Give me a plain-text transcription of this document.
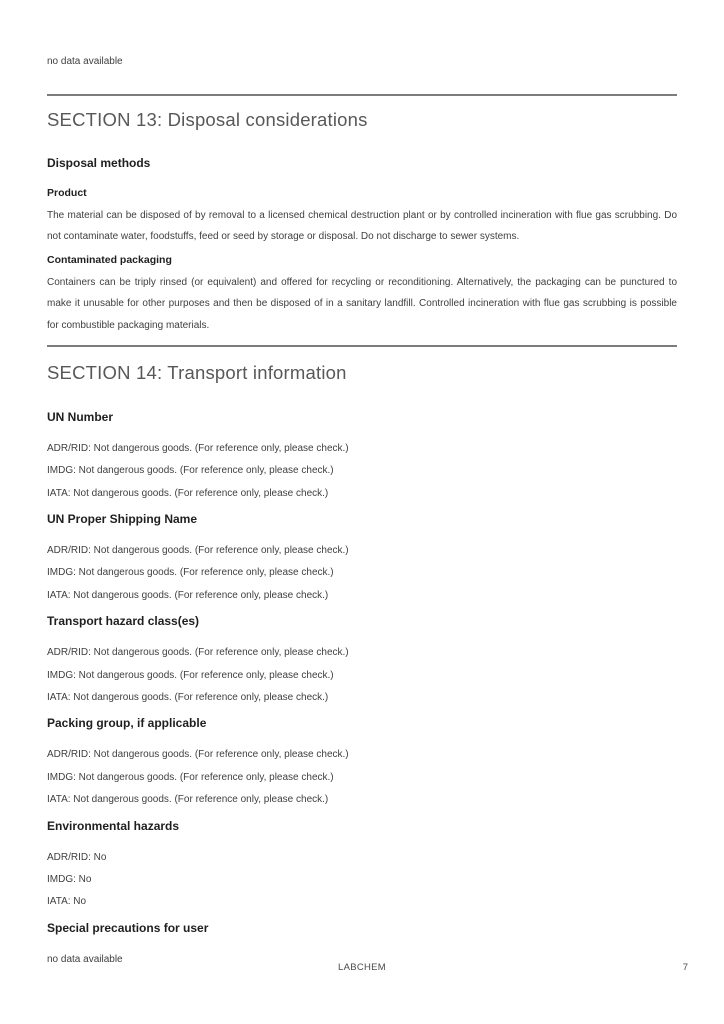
no data available

SECTION 13: Disposal considerations
Disposal methods
Product

The material can be disposed of by removal to a licensed chemical destruction plant or by controlled incineration with flue gas scrubbing. Do not contaminate water, foodstuffs, feed or seed by storage or disposal. Do not discharge to sewer systems.

Contaminated packaging

Containers can be triply rinsed (or equivalent) and offered for recycling or reconditioning. Alternatively, the packaging can be punctured to make it unusable for other purposes and then be disposed of in a sanitary landfill. Controlled incineration with flue gas scrubbing is possible for combustible packaging materials.

SECTION 14: Transport information
UN Number

ADR/RID: Not dangerous goods. (For reference only, please check.)

IMDG: Not dangerous goods. (For reference only, please check.)

IATA: Not dangerous goods. (For reference only, please check.)

UN Proper Shipping Name

ADR/RID: Not dangerous goods. (For reference only, please check.)

IMDG: Not dangerous goods. (For reference only, please check.)

IATA: Not dangerous goods. (For reference only, please check.)

Transport hazard class(es)

ADR/RID: Not dangerous goods. (For reference only, please check.)

IMDG: Not dangerous goods. (For reference only, please check.)

IATA: Not dangerous goods. (For reference only, please check.)

Packing group, if applicable

ADR/RID: Not dangerous goods. (For reference only, please check.)

IMDG: Not dangerous goods. (For reference only, please check.)

IATA: Not dangerous goods. (For reference only, please check.)

Environmental hazards

ADR/RID: No

IMDG: No

IATA: No

Special precautions for user

no data available

LABCHEM	7
